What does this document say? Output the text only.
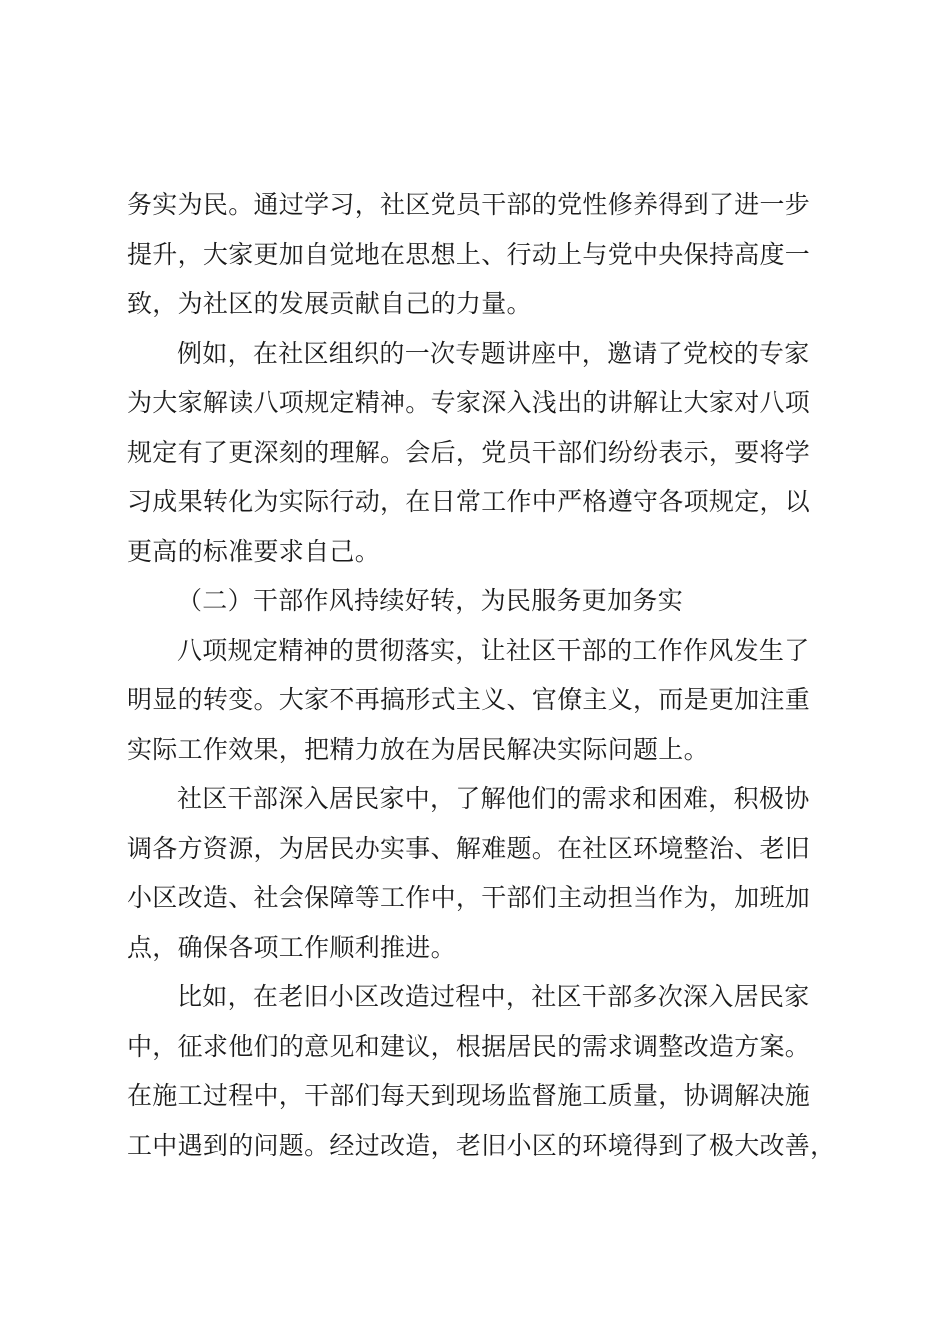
务实为民。通过学习，社区党员干部的党性修养得到了进一步
提升，大家更加自觉地在思想上、行动上与党中央保持高度一
致，为社区的发展贡献自己的力量。
例如，在社区组织的一次专题讲座中，邀请了党校的专家
为大家解读八项规定精神。专家深入浅出的讲解让大家对八项
规定有了更深刻的理解。会后，党员干部们纷纷表示，要将学
习成果转化为实际行动，在日常工作中严格遵守各项规定，以
更高的标准要求自己。
（二）干部作风持续好转，为民服务更加务实
八项规定精神的贯彻落实，让社区干部的工作作风发生了
明显的转变。大家不再搞形式主义、官僚主义，而是更加注重
实际工作效果，把精力放在为居民解决实际问题上。
社区干部深入居民家中，了解他们的需求和困难，积极协
调各方资源，为居民办实事、解难题。在社区环境整治、老旧
小区改造、社会保障等工作中，干部们主动担当作为，加班加
点，确保各项工作顺利推进。
比如，在老旧小区改造过程中，社区干部多次深入居民家
中，征求他们的意见和建议，根据居民的需求调整改造方案。
在施工过程中，干部们每天到现场监督施工质量，协调解决施
工中遇到的问题。经过改造，老旧小区的环境得到了极大改善，
